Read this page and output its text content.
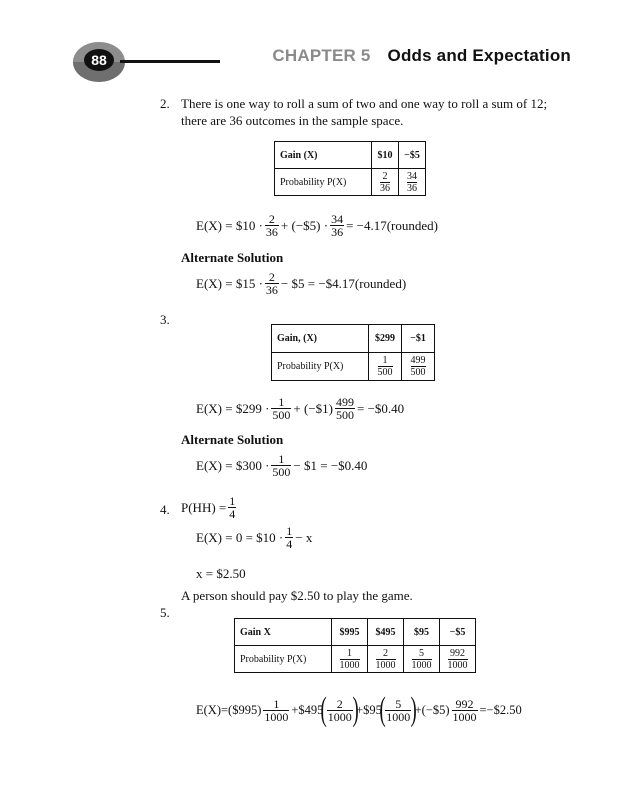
88	CHAPTER 5 Odds and Expectation
2. There is one way to roll a sum of two and one way to roll a sum of 12;
there are 36 outcomes in the sample space.
Gain (X)	$10	−$5
Probability P(X)	$\frac{2}{36}$	$\frac{34}{36}$
E(X) = $10 · $\frac{2}{36}$ + (−$5) · $\frac{34}{36}$ = −4.17(rounded)
Alternate Solution
E(X) = $15 · $\frac{2}{36}$ − $5 = −$4.17(rounded)
3.
Gain, (X)	$299	−$1
Probability P(X)	$\frac{1}{500}$	$\frac{499}{500}$
E(X) = $299 · $\frac{1}{500}$ + (−$1) $\frac{499}{500}$ = −$0.40
Alternate Solution
E(X) = $300 · $\frac{1}{500}$ − $1 = −$0.40
4. $P(HH) = \frac{1}{4}$
E(X) = 0 = $10 · $\frac{1}{4} - x$
x = $2.50
A person should pay $2.50 to play the game.
5.
Gain X	$995	$495	$95	−$5
Probability P(X)	$\frac{1}{1000}$	$\frac{2}{1000}$	$\frac{5}{1000}$	$\frac{992}{1000}$
E(X)=($995) $\frac{1}{1000}$ +$495
( $\frac{2}{1000}$ )
+$95
( $\frac{5}{1000}$ )
+(−$5) $\frac{992}{1000}$ =−$2.50
